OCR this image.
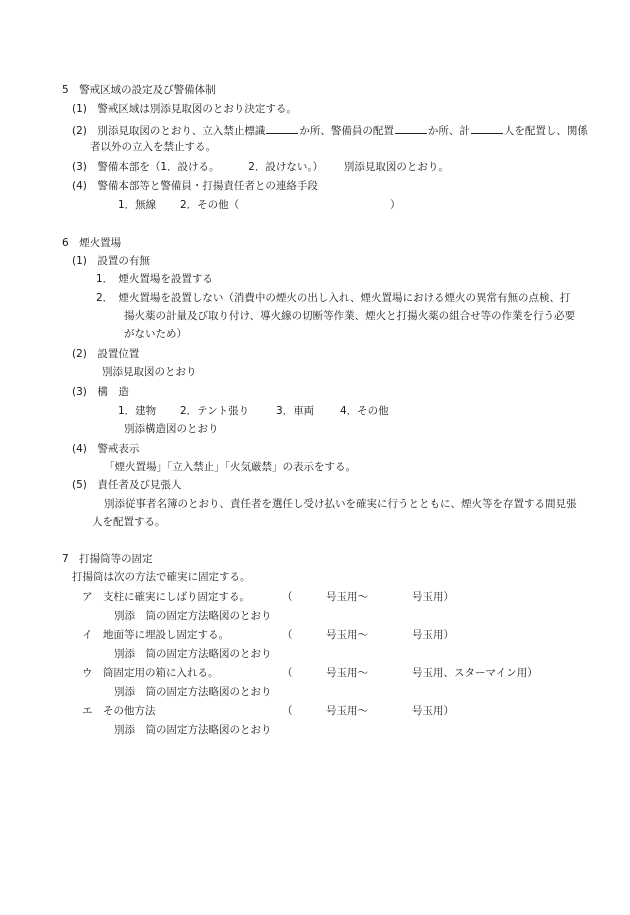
5　警戒区域の設定及び警備体制
(1)　警戒区域は別添見取図のとおり決定する。
(2)　別添見取図のとおり、立入禁止標識	か所、警備員の配置	か所、計	人を配置し、関係
者以外の立入を禁止する。
(3)　警備本部を（1．設ける。	2．設けない。） 別添見取図のとおり。
(4)　警備本部等と警備員・打揚責任者との連絡手段
1．無線 2．その他（	）
6　煙火置場
(1)　設置の有無
1．　煙火置場を設置する
2．　煙火置場を設置しない（消費中の煙火の出し入れ、煙火置場における煙火の異常有無の点検、打
揚火薬の計量及び取り付け、導火線の切断等作業、煙火と打揚火薬の組合せ等の作業を行う必要
がないため）
(2)　設置位置
別添見取図のとおり
(3)　構　造
1．建物 2．テント張り	3．車両 4．その他
別添構造図のとおり
(4)　警戒表示
「煙火置場」「立入禁止」「火気厳禁」の表示をする。
(5)　責任者及び見張人
別添従事者名簿のとおり、責任者を選任し受け払いを確実に行うとともに、煙火等を存置する間見張
人を配置する。
7　打揚筒等の固定
打揚筒は次の方法で確実に固定する。
ア　支柱に確実にしばり固定する。	（	号玉用〜	号玉用）
別添　筒の固定方法略図のとおり
イ　地面等に埋設し固定する。	（	号玉用〜	号玉用）
別添　筒の固定方法略図のとおり
ウ　筒固定用の箱に入れる。	（	号玉用〜	号玉用、スターマイン用）
別添　筒の固定方法略図のとおり
エ　その他方法	（	号玉用〜	号玉用）
別添　筒の固定方法略図のとおり
